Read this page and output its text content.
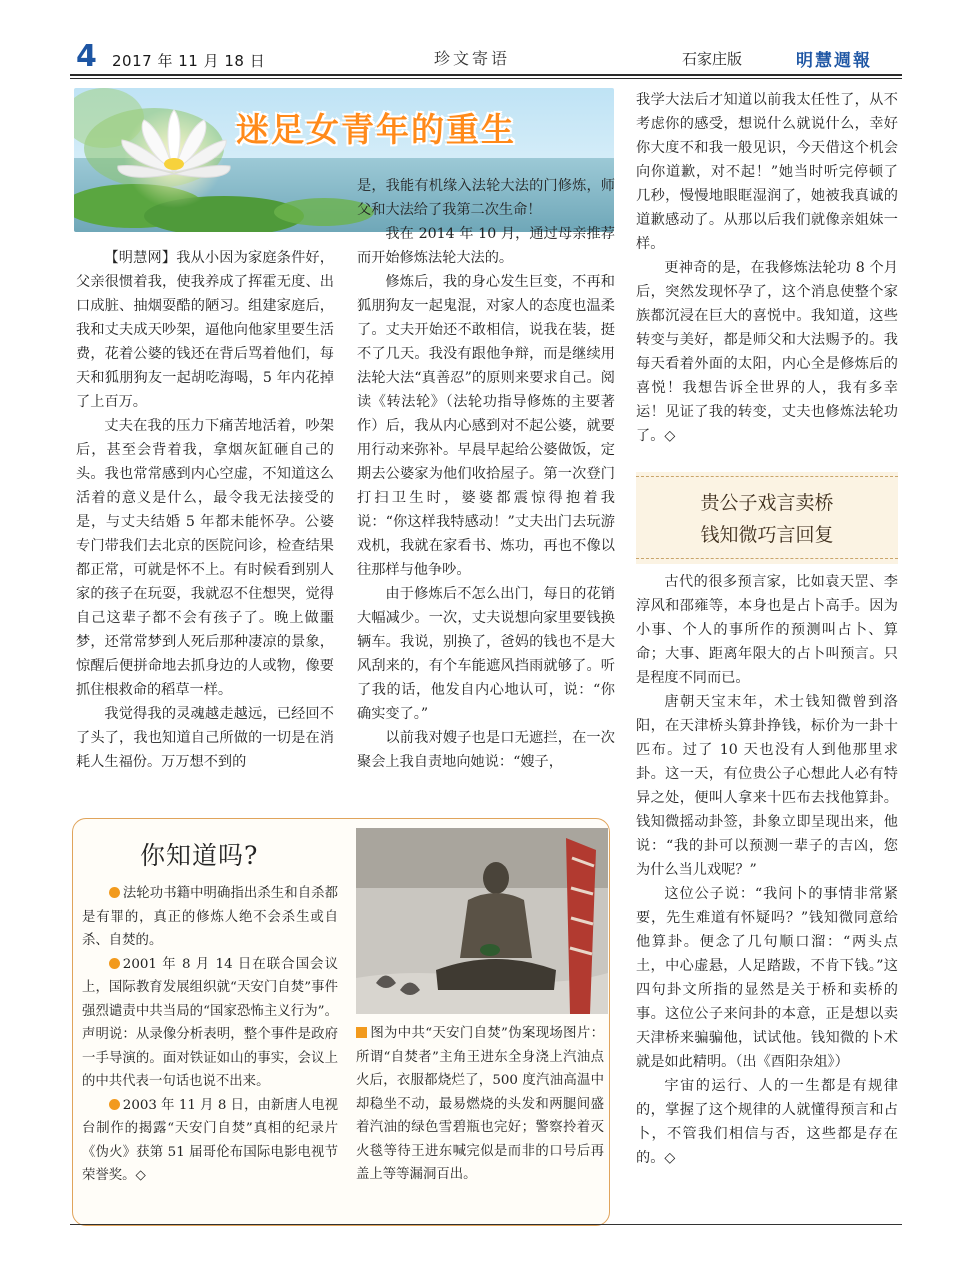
4 2017 年 11 月 18 日	珍文寄语	石家庄版	明慧週報
迷足女青年的重生

【明慧网】我从小因为家庭条件好，父亲很惯着我，使我养成了挥霍无度、出口成脏、抽烟耍酷的陋习。组建家庭后，我和丈夫成天吵架，逼他向他家里要生活费，花着公婆的钱还在背后骂着他们，每天和狐朋狗友一起胡吃海喝，5 年内花掉了上百万。

丈夫在我的压力下痛苦地活着，吵架后，甚至会背着我，拿烟灰缸砸自己的头。我也常常感到内心空虚，不知道这么活着的意义是什么，最令我无法接受的是，与丈夫结婚 5 年都未能怀孕。公婆专门带我们去北京的医院问诊，检查结果都正常，可就是怀不上。有时候看到别人家的孩子在玩耍，我就忍不住想哭，觉得自己这辈子都不会有孩子了。晚上做噩梦，还常常梦到人死后那种凄凉的景象，惊醒后便拼命地去抓身边的人或物，像要抓住根救命的稻草一样。

我觉得我的灵魂越走越远，已经回不了头了，我也知道自己所做的一切是在消耗人生福份。万万想不到的

是，我能有机缘入法轮大法的门修炼，师父和大法给了我第二次生命！

我在 2014 年 10 月，通过母亲推荐而开始修炼法轮大法的。

修炼后，我的身心发生巨变，不再和狐朋狗友一起鬼混，对家人的态度也温柔了。丈夫开始还不敢相信，说我在装，挺不了几天。我没有跟他争辩，而是继续用法轮大法“真善忍”的原则来要求自己。阅读《转法轮》（法轮功指导修炼的主要著作）后，我从内心感到对不起公婆，就要用行动来弥补。早晨早起给公婆做饭，定期去公婆家为他们收拾屋子。第一次登门打扫卫生时，婆婆都震惊得抱着我说：“你这样我特感动！”丈夫出门去玩游戏机，我就在家看书、炼功，再也不像以往那样与他争吵。

由于修炼后不怎么出门，每日的花销大幅减少。一次，丈夫说想向家里要钱换辆车。我说，别换了，爸妈的钱也不是大风刮来的，有个车能遮风挡雨就够了。听了我的话，他发自内心地认可，说：“你确实变了。”

以前我对嫂子也是口无遮拦，在一次聚会上我自责地向她说：“嫂子，

我学大法后才知道以前我太任性了，从不考虑你的感受，想说什么就说什么，幸好你大度不和我一般见识，今天借这个机会向你道歉，对不起！”她当时听完停顿了几秒，慢慢地眼眶湿润了，她被我真诚的道歉感动了。从那以后我们就像亲姐妹一样。

更神奇的是，在我修炼法轮功 8 个月后，突然发现怀孕了，这个消息使整个家族都沉浸在巨大的喜悦中。我知道，这些转变与美好，都是师父和大法赐予的。我每天看着外面的太阳，内心全是修炼后的喜悦！我想告诉全世界的人，我有多幸运！见证了我的转变，丈夫也修炼法轮功了。◇

贵公子戏言卖桥
钱知微巧言回复

古代的很多预言家，比如袁天罡、李淳风和邵雍等，本身也是占卜高手。因为小事、个人的事所作的预测叫占卜、算命；大事、距离年限大的占卜叫预言。只是程度不同而已。

唐朝天宝末年，术士钱知微曾到洛阳，在天津桥头算卦挣钱，标价为一卦十匹布。过了 10 天也没有人到他那里求卦。这一天，有位贵公子心想此人必有特异之处，便叫人拿来十匹布去找他算卦。钱知微摇动卦签，卦象立即呈现出来，他说：“我的卦可以预测一辈子的吉凶，您为什么当儿戏呢？”

这位公子说：“我问卜的事情非常紧要，先生难道有怀疑吗？”钱知微同意给他算卦。便念了几句顺口溜：“两头点土，中心虚悬，人足踏跋，不肯下钱。”这四句卦文所指的显然是关于桥和卖桥的事。这位公子来问卦的本意，正是想以卖天津桥来骗骗他，试试他。钱知微的卜术就是如此精明。（出《酉阳杂俎》）

宇宙的运行、人的一生都是有规律的，掌握了这个规律的人就懂得预言和占卜，不管我们相信与否，这些都是存在的。◇

你知道吗?

法轮功书籍中明确指出杀生和自杀都是有罪的，真正的修炼人绝不会杀生或自杀、自焚的。

2001 年 8 月 14 日在联合国会议上，国际教育发展组织就“天安门自焚”事件强烈谴责中共当局的“国家恐怖主义行为”。声明说：从录像分析表明，整个事件是政府一手导演的。面对铁证如山的事实，会议上的中共代表一句话也说不出来。

2003 年 11 月 8 日，由新唐人电视台制作的揭露“天安门自焚”真相的纪录片《伪火》获第 51 届哥伦布国际电影电视节荣誉奖。◇

图为中共“天安门自焚”伪案现场图片：所谓“自焚者”主角王进东全身浇上汽油点火后，衣服都烧烂了，500 度汽油高温中却稳坐不动，最易燃烧的头发和两腿间盛着汽油的绿色雪碧瓶也完好；警察拎着灭火毯等待王进东喊完似是而非的口号后再盖上等等漏洞百出。
